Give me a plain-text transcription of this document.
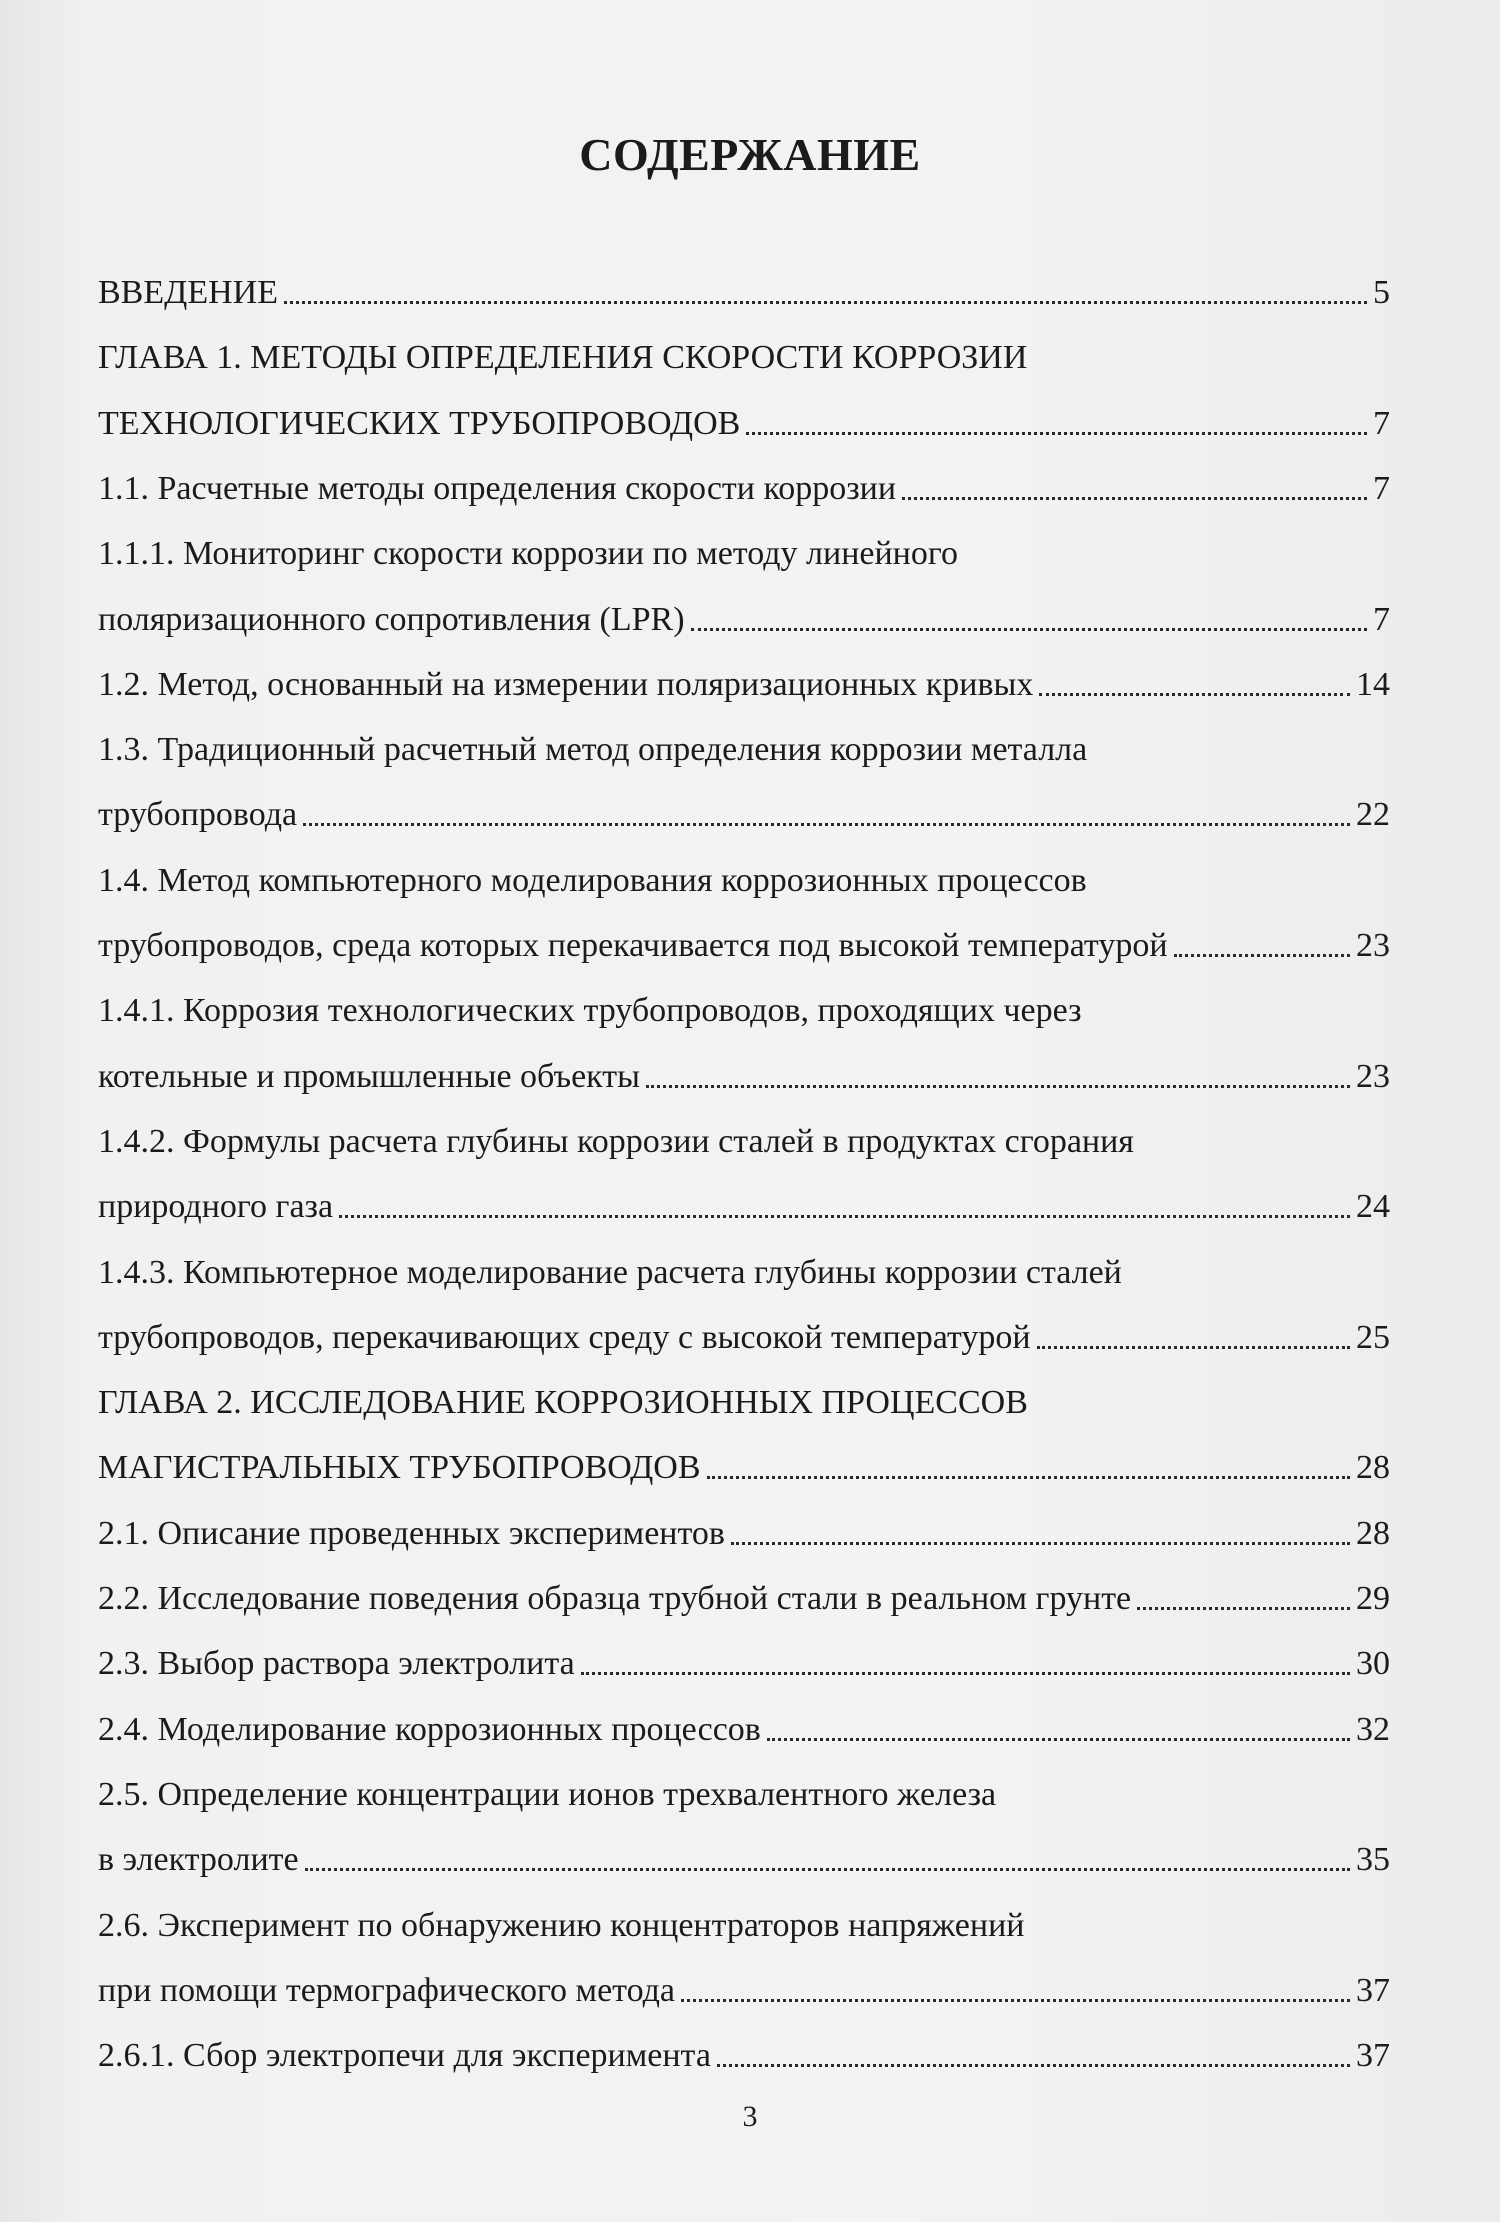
СОДЕРЖАНИЕ
ВВЕДЕНИЕ	5
ГЛАВА 1. МЕТОДЫ ОПРЕДЕЛЕНИЯ СКОРОСТИ КОРРОЗИИ
ТЕХНОЛОГИЧЕСКИХ ТРУБОПРОВОДОВ	7
1.1. Расчетные методы определения скорости коррозии	7
1.1.1. Мониторинг скорости коррозии по методу линейного
поляризационного сопротивления (LPR)	7
1.2. Метод, основанный на измерении поляризационных кривых	14
1.3. Традиционный расчетный метод определения коррозии металла
трубопровода	22
1.4. Метод компьютерного моделирования коррозионных процессов
трубопроводов, среда которых перекачивается под высокой температурой	23
1.4.1. Коррозия технологических трубопроводов, проходящих через
котельные и промышленные объекты	23
1.4.2. Формулы расчета глубины коррозии сталей в продуктах сгорания
природного газа	24
1.4.3. Компьютерное моделирование расчета глубины коррозии сталей
трубопроводов, перекачивающих среду с высокой температурой	25
ГЛАВА 2. ИССЛЕДОВАНИЕ КОРРОЗИОННЫХ ПРОЦЕССОВ
МАГИСТРАЛЬНЫХ ТРУБОПРОВОДОВ	28
2.1. Описание проведенных экспериментов	28
2.2. Исследование поведения образца трубной стали в реальном грунте	29
2.3. Выбор раствора электролита	30
2.4. Моделирование коррозионных процессов	32
2.5. Определение концентрации ионов трехвалентного железа
в электролите	35
2.6. Эксперимент по обнаружению концентраторов напряжений
при помощи термографического метода	37
2.6.1. Сбор электропечи для эксперимента	37
3
